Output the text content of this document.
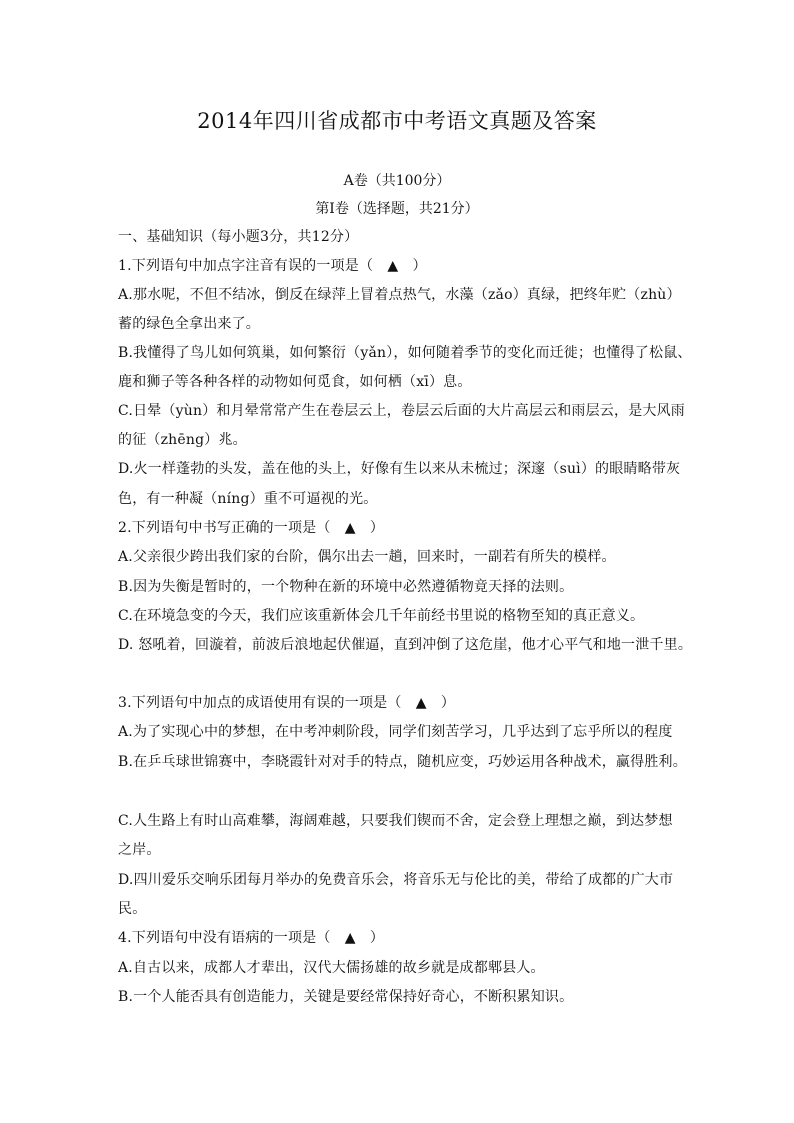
2014年四川省成都市中考语文真题及答案
A卷（共100分）
第Ⅰ卷（选择题，共21分）
一、基础知识（每小题3分，共12分）
1.下列语句中加点字注音有误的一项是（　▲　）
A.那水呢，不但不结冰，倒反在绿萍上冒着点热气，水藻（zǎo）真绿，把终年贮（zhù）
蓄的绿色全拿出来了。
B.我懂得了鸟儿如何筑巢，如何繁衍（yǎn），如何随着季节的变化而迁徙；也懂得了松鼠、
鹿和狮子等各种各样的动物如何觅食，如何栖（xī）息。
C.日晕（yùn）和月晕常常产生在卷层云上，卷层云后面的大片高层云和雨层云，是大风雨
的征（zhēng）兆。
D.火一样蓬勃的头发，盖在他的头上，好像有生以来从未梳过；深邃（suì）的眼睛略带灰
色，有一种凝（níng）重不可逼视的光。
2.下列语句中书写正确的一项是（　▲　）
A.父亲很少跨出我们家的台阶，偶尔出去一趟，回来时，一副若有所失的模样。
B.因为失衡是暂时的，一个物种在新的环境中必然遵循物竟天择的法则。
C.在环境急变的今天，我们应该重新体会几千年前经书里说的格物至知的真正意义。
D. 怒吼着，回漩着，前波后浪地起伏催逼，直到冲倒了这危崖，他才心平气和地一泄千里。
3.下列语句中加点的成语使用有误的一项是（　▲　）
A.为了实现心中的梦想，在中考冲刺阶段，同学们刻苦学习，几乎达到了忘乎所以的程度
B.在乒乓球世锦赛中，李晓霞针对对手的特点，随机应变，巧妙运用各种战术，赢得胜利。
C.人生路上有时山高难攀，海阔难越，只要我们锲而不舍，定会登上理想之巅，到达梦想
之岸。
D.四川爱乐交响乐团每月举办的免费音乐会，将音乐无与伦比的美，带给了成都的广大市
民。
4.下列语句中没有语病的一项是（　▲　）
A.自古以来，成都人才辈出，汉代大儒扬雄的故乡就是成都郫县人。
B.一个人能否具有创造能力，关键是要经常保持好奇心，不断积累知识。
